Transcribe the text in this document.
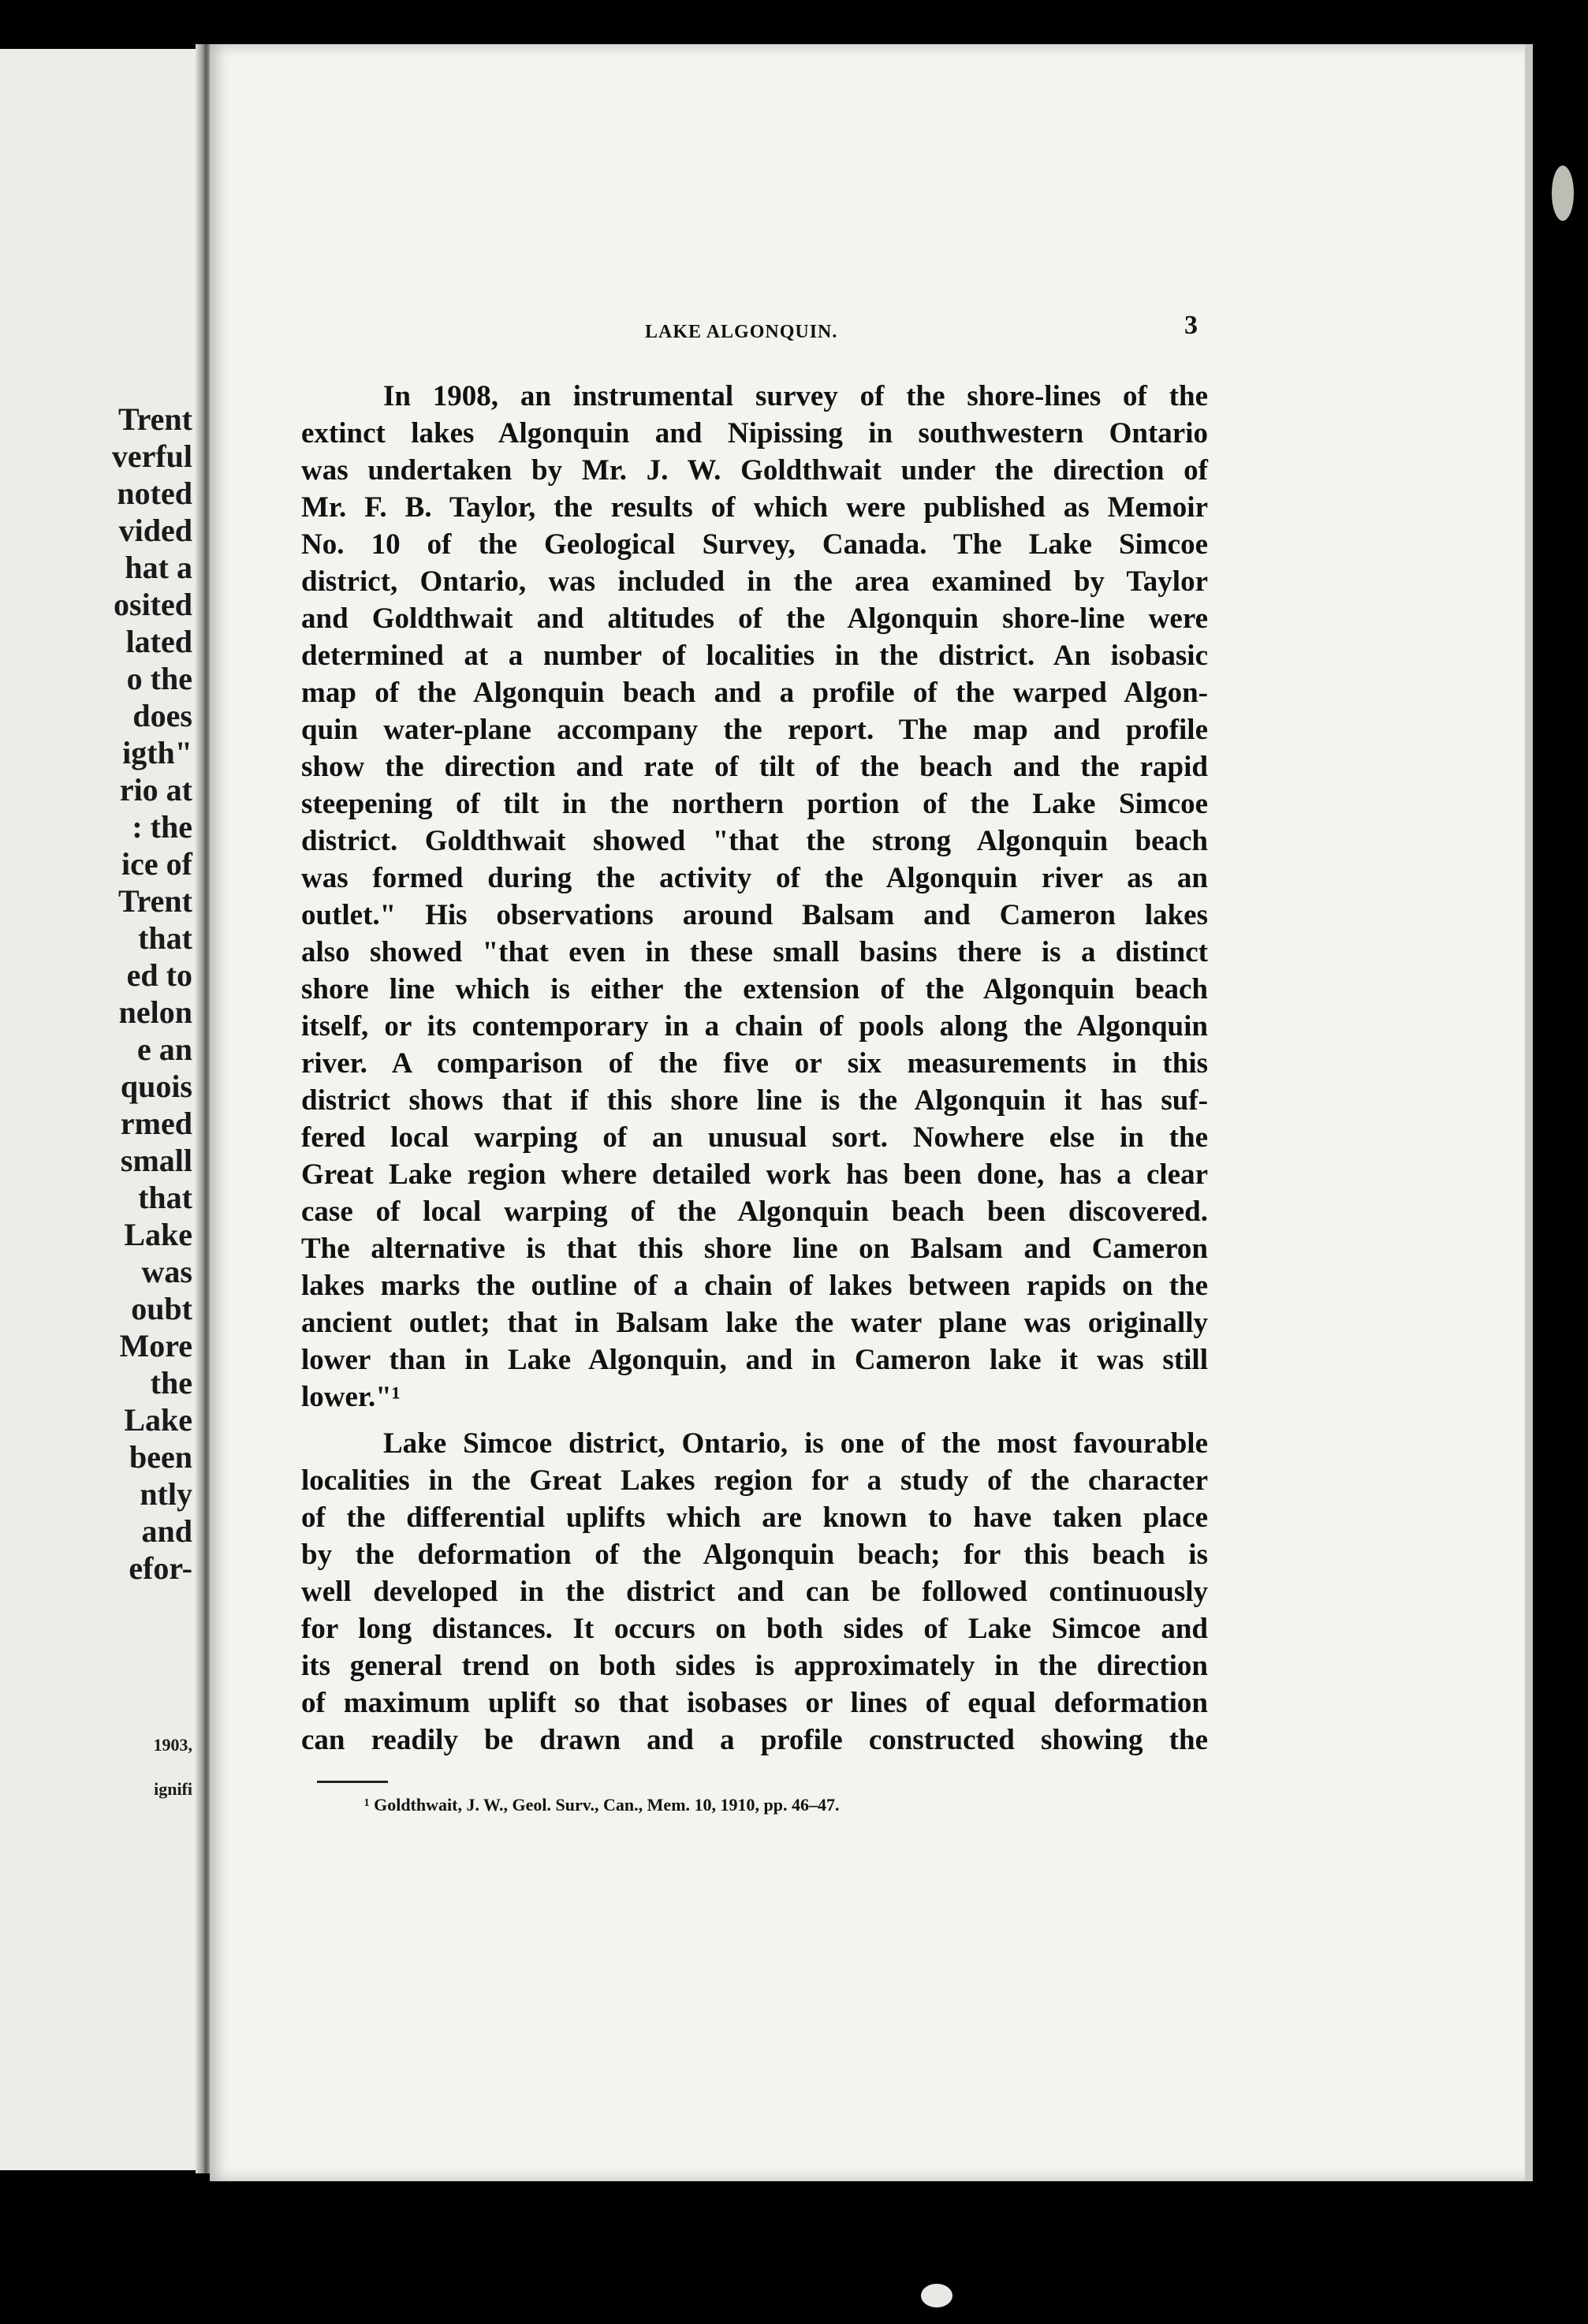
Trent
verful
noted
vided
hat a
osited
lated
o the
does
igth"
rio at
: the
ice of
Trent
that
ed to
nelon
e an
quois
rmed
small
that
Lake
was
oubt
More
the
Lake
been
ntly
and
efor-
1903,
ignifi
LAKE ALGONQUIN.	3
In 1908, an instrumental survey of the shore-lines of the
extinct lakes Algonquin and Nipissing in southwestern Ontario
was undertaken by Mr. J. W. Goldthwait under the direction of
Mr. F. B. Taylor, the results of which were published as Memoir
No. 10 of the Geological Survey, Canada. The Lake Simcoe
district, Ontario, was included in the area examined by Taylor
and Goldthwait and altitudes of the Algonquin shore-line were
determined at a number of localities in the district. An isobasic
map of the Algonquin beach and a profile of the warped Algon-
quin water-plane accompany the report. The map and profile
show the direction and rate of tilt of the beach and the rapid
steepening of tilt in the northern portion of the Lake Simcoe
district. Goldthwait showed "that the strong Algonquin beach
was formed during the activity of the Algonquin river as an
outlet." His observations around Balsam and Cameron lakes
also showed "that even in these small basins there is a distinct
shore line which is either the extension of the Algonquin beach
itself, or its contemporary in a chain of pools along the Algonquin
river. A comparison of the five or six measurements in this
district shows that if this shore line is the Algonquin it has suf-
fered local warping of an unusual sort. Nowhere else in the
Great Lake region where detailed work has been done, has a clear
case of local warping of the Algonquin beach been discovered.
The alternative is that this shore line on Balsam and Cameron
lakes marks the outline of a chain of lakes between rapids on the
ancient outlet; that in Balsam lake the water plane was originally
lower than in Lake Algonquin, and in Cameron lake it was still
lower."¹
Lake Simcoe district, Ontario, is one of the most favourable
localities in the Great Lakes region for a study of the character
of the differential uplifts which are known to have taken place
by the deformation of the Algonquin beach; for this beach is
well developed in the district and can be followed continuously
for long distances. It occurs on both sides of Lake Simcoe and
its general trend on both sides is approximately in the direction
of maximum uplift so that isobases or lines of equal deformation
can readily be drawn and a profile constructed showing the
¹ Goldthwait, J. W., Geol. Surv., Can., Mem. 10, 1910, pp. 46–47.
